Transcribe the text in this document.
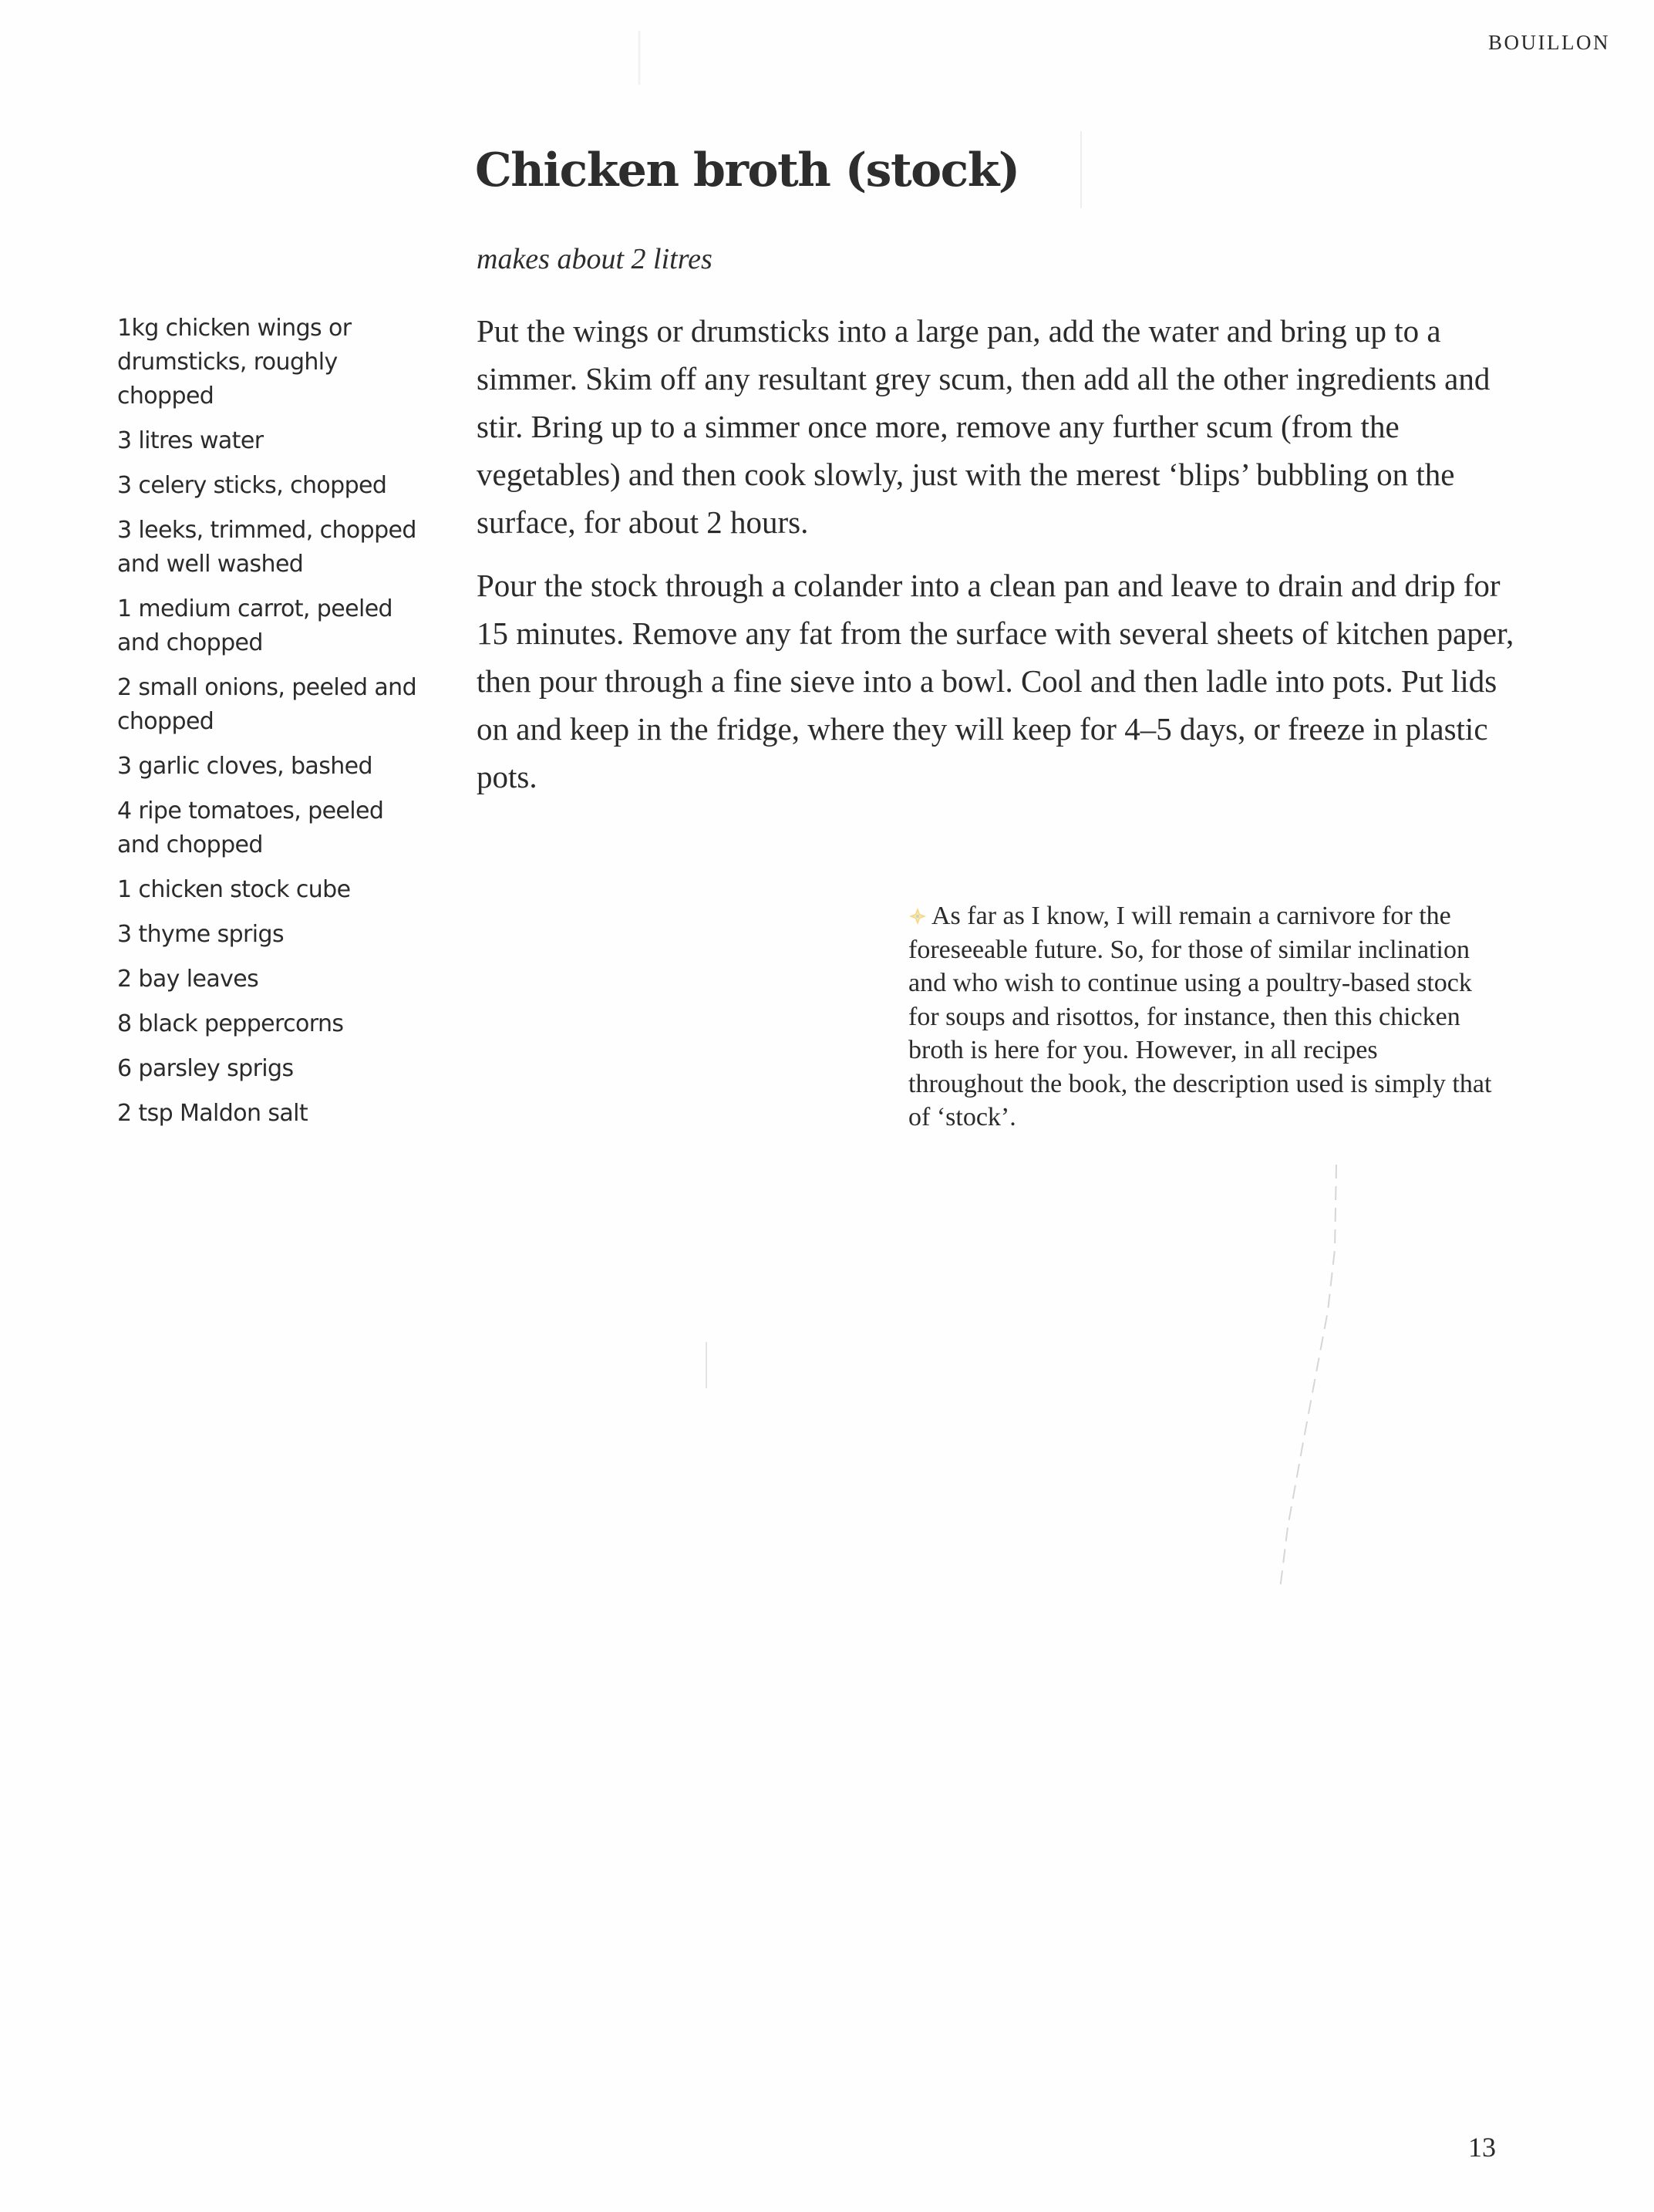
BOUILLON
Chicken broth (stock)
makes about 2 litres
1kg chicken wings or drumsticks, roughly chopped
3 litres water
3 celery sticks, chopped
3 leeks, trimmed, chopped and well washed
1 medium carrot, peeled and chopped
2 small onions, peeled and chopped
3 garlic cloves, bashed
4 ripe tomatoes, peeled and chopped
1 chicken stock cube
3 thyme sprigs
2 bay leaves
8 black peppercorns
6 parsley sprigs
2 tsp Maldon salt

Put the wings or drumsticks into a large pan, add the water and bring up to a simmer. Skim off any resultant grey scum, then add all the other ingredients and stir. Bring up to a simmer once more, remove any further scum (from the vegetables) and then cook slowly, just with the merest ‘blips’ bubbling on the surface, for about 2 hours.

Pour the stock through a colander into a clean pan and leave to drain and drip for 15 minutes. Remove any fat from the surface with several sheets of kitchen paper, then pour through a fine sieve into a bowl. Cool and then ladle into pots. Put lids on and keep in the fridge, where they will keep for 4–5 days, or freeze in plastic pots.

As far as I know, I will remain a carnivore for the foreseeable future. So, for those of similar inclination and who wish to continue using a poultry-based stock for soups and risottos, for instance, then this chicken broth is here for you. However, in all recipes throughout the book, the description used is simply that of ‘stock’.
13
